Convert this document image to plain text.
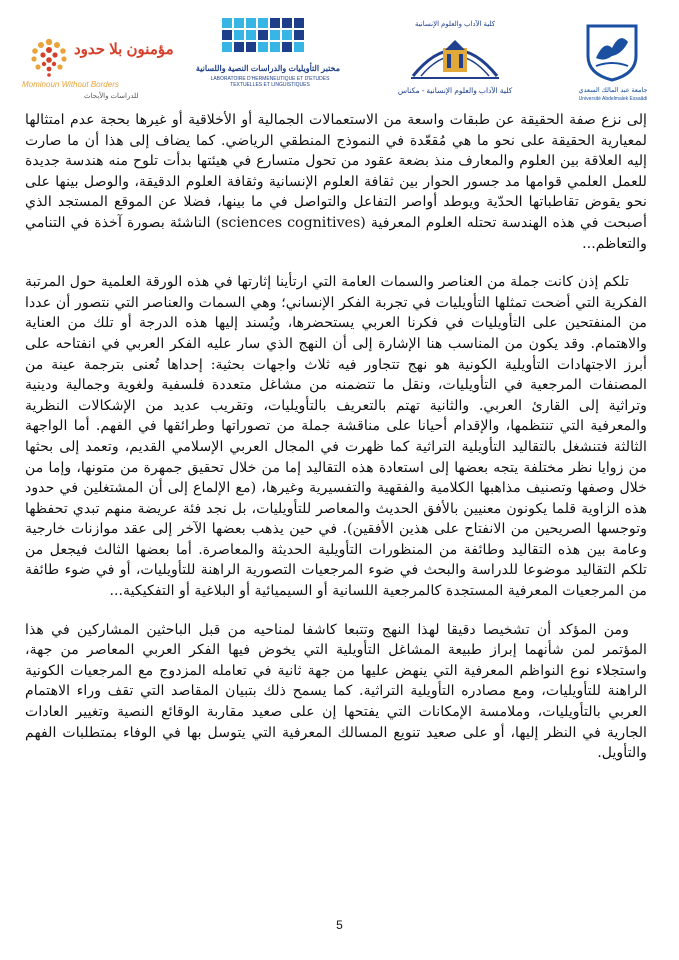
مؤمنون بلا حدود
Mominoun Without Borders
للدراسات والأبحاث
مختبر التأويليات والدراسات النصية واللسانية
LABORATOIRE D'HERMENEUTIQUE ET D'ETUDES TEXTUELLES ET LINGUISTIQUES
كلية الآداب والعلوم الإنسانية
كلية الآداب والعلوم الإنسانية - مكناس	جامعة عبد المالك السعدي
Université Abdelmalek Essaâdi

إلى نزع صفة الحقيقة عن طبقات واسعة من الاستعمالات الجمالية أو الأخلاقية أو غيرها بحجة عدم امتثالها لمعيارية الحقيقة على نحو ما هي مُقعّدة في النموذج المنطقي الرياضي. كما يضاف إلى هذا أن ما صارت إليه العلاقة بين العلوم والمعارف منذ بضعة عقود من تحول متسارع في هيئتها بدأت تلوح منه هندسة جديدة للعمل العلمي قوامها مد جسور الحوار بين ثقافة العلوم الإنسانية وثقافة العلوم الدقيقة، والوصل بينها على نحو يقوض تقاطباتها الحدّية ويوطد أواصر التفاعل والتواصل في ما بينها، فضلا عن الموقع المستجد الذي أصبحت في هذه الهندسة تحتله العلوم المعرفية (sciences cognitives) الناشئة بصورة آخذة في التنامي والتعاظم...

تلكم إذن كانت جملة من العناصر والسمات العامة التي ارتأينا إثارتها في هذه الورقة العلمية حول المرتبة الفكرية التي أضحت تمثلها التأويليات في تجربة الفكر الإنساني؛ وهي السمات والعناصر التي نتصور أن عددا من المنفتحين على التأويليات في فكرنا العربي يستحضرها، ويُسند إليها هذه الدرجة أو تلك من العناية والاهتمام. وقد يكون من المناسب هنا الإشارة إلى أن النهج الذي سار عليه الفكر العربي في انفتاحه على أبرز الاجتهادات التأويلية الكونية هو نهج تتجاور فيه ثلاث واجهات بحثية: إحداها تُعنى بترجمة عينة من المصنفات المرجعية في التأويليات، ونقل ما تتضمنه من مشاغل متعددة فلسفية ولغوية وجمالية ودينية وتراثية إلى القارئ العربي. والثانية تهتم بالتعريف بالتأويليات، وتقريب عديد من الإشكالات النظرية والمعرفية التي تنتظمها، والإقدام أحيانا على مناقشة جملة من تصوراتها وطرائقها في الفهم. أما الواجهة الثالثة فتنشغل بالتقاليد التأويلية التراثية كما ظهرت في المجال العربي الإسلامي القديم، وتعمد إلى بحثها من زوايا نظر مختلفة يتجه بعضها إلى استعادة هذه التقاليد إما من خلال تحقيق جمهرة من متونها، وإما من خلال وصفها وتصنيف مذاهبها الكلامية والفقهية والتفسيرية وغيرها، (مع الإلماع إلى أن المشتغلين في حدود هذه الزاوية قلما يكونون معنيين بالأفق الحديث والمعاصر للتأويليات، بل نجد فئة عريضة منهم تبدي تحفظها وتوجسها الصريحين من الانفتاح على هذين الأفقين). في حين يذهب بعضها الآخر إلى عقد موازنات خارجية وعامة بين هذه التقاليد وطائفة من المنظورات التأويلية الحديثة والمعاصرة. أما بعضها الثالث فيجعل من تلكم التقاليد موضوعا للدراسة والبحث في ضوء المرجعيات التصورية الراهنة للتأويليات، أو في ضوء طائفة من المرجعيات المعرفية المستجدة كالمرجعية اللسانية أو السيميائية أو البلاغية أو التفكيكية...

ومن المؤكد أن تشخيصا دقيقا لهذا النهج وتتبعا كاشفا لمناحيه من قبل الباحثين المشاركين في هذا المؤتمر لمن شأنهما إبراز طبيعة المشاغل التأويلية التي يخوض فيها الفكر العربي المعاصر من جهة، واستجلاء نوع النواظم المعرفية التي ينهض عليها من جهة ثانية في تعامله المزدوج مع المرجعيات الكونية الراهنة للتأويليات، ومع مصادره التأويلية التراثية. كما يسمح ذلك بتبيان المقاصد التي تقف وراء الاهتمام العربي بالتأويليات، وملامسة الإمكانات التي يفتحها إن على صعيد مقاربة الوقائع النصية وتغيير العادات الجارية في النظر إليها، أو على صعيد تنويع المسالك المعرفية التي يتوسل بها في الوفاء بمتطلبات الفهم والتأويل.

5
